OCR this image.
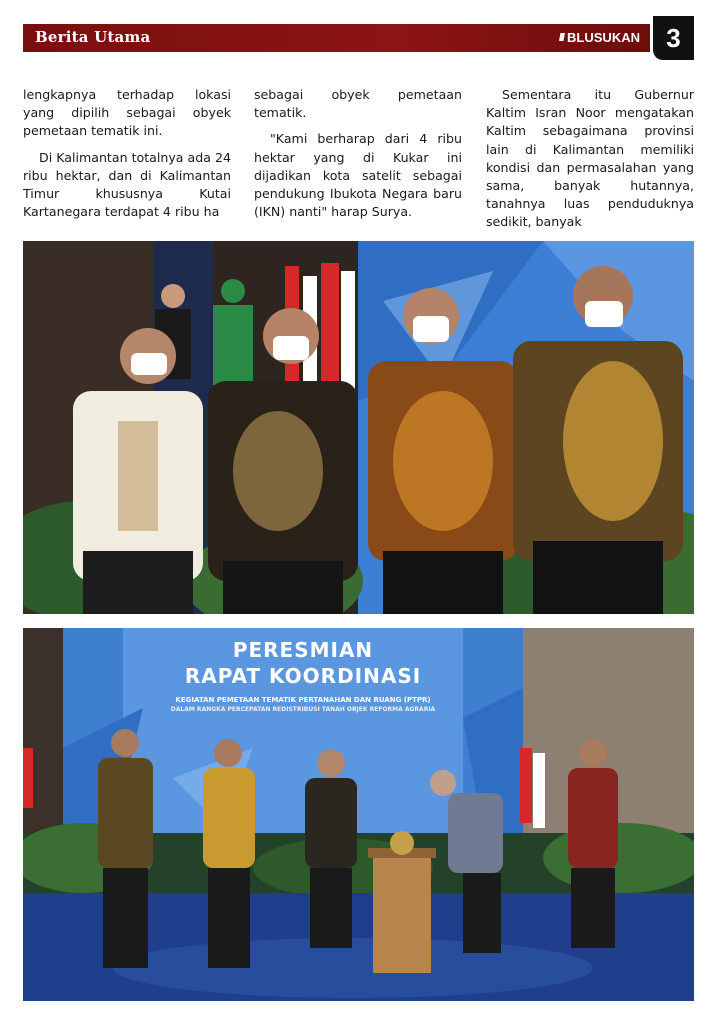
Berita Utama	//// BLUSUKAN	3

lengkapnya terhadap lokasi yang dipilih sebagai obyek pemetaan tematik ini.

Di Kalimantan totalnya ada 24 ribu hektar, dan di Kalimantan Timur khususnya Kutai Kartanegara terdapat 4 ribu ha

sebagai obyek pemetaan tematik.

"Kami berharap dari 4 ribu hektar yang di Kukar ini dijadikan kota satelit sebagai pendukung Ibukota Negara baru (IKN) nanti" harap Surya.

Sementara itu Gubernur Kaltim Isran Noor mengatakan Kaltim sebagaimana provinsi lain di Kalimantan memiliki kondisi dan permasalahan yang sama, banyak hutannya, tanahnya luas penduduknya sedikit, banyak

PERESMIAN
RAPAT KOORDINASI
KEGIATAN PEMETAAN TEMATIK PERTANAHAN DAN RUANG (PTPR)
DALAM RANGKA PERCEPATAN REDISTRIBUSI TANAH OBJEK REFORMA AGRARIA
